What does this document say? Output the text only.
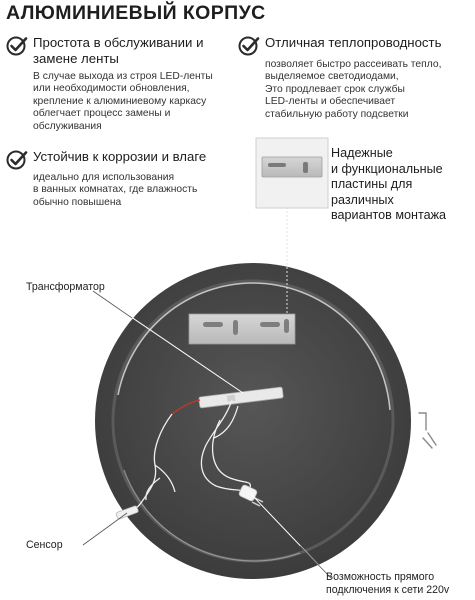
АЛЮМИНИЕВЫЙ КОРПУС
Простота в обслуживании и
замене ленты
В случае выхода из строя LED-ленты
или необходимости обновления,
крепление к алюминиевому каркасу
облегчает процесс замены и
обслуживания
Отличная теплопроводность
позволяет быстро рассеивать тепло,
выделяемое светодиодами,
Это продлевает срок службы
LED-ленты и обеспечивает
стабильную работу подсветки
Устойчив к коррозии и влаге
идеально для использования
в ванных комнатах, где влажность
обычно повышена
Надежные
и функциональные
пластины для различных
вариантов монтажа
Трансформатор
Сенсор
Возможность прямого
подключения к сети 220v
